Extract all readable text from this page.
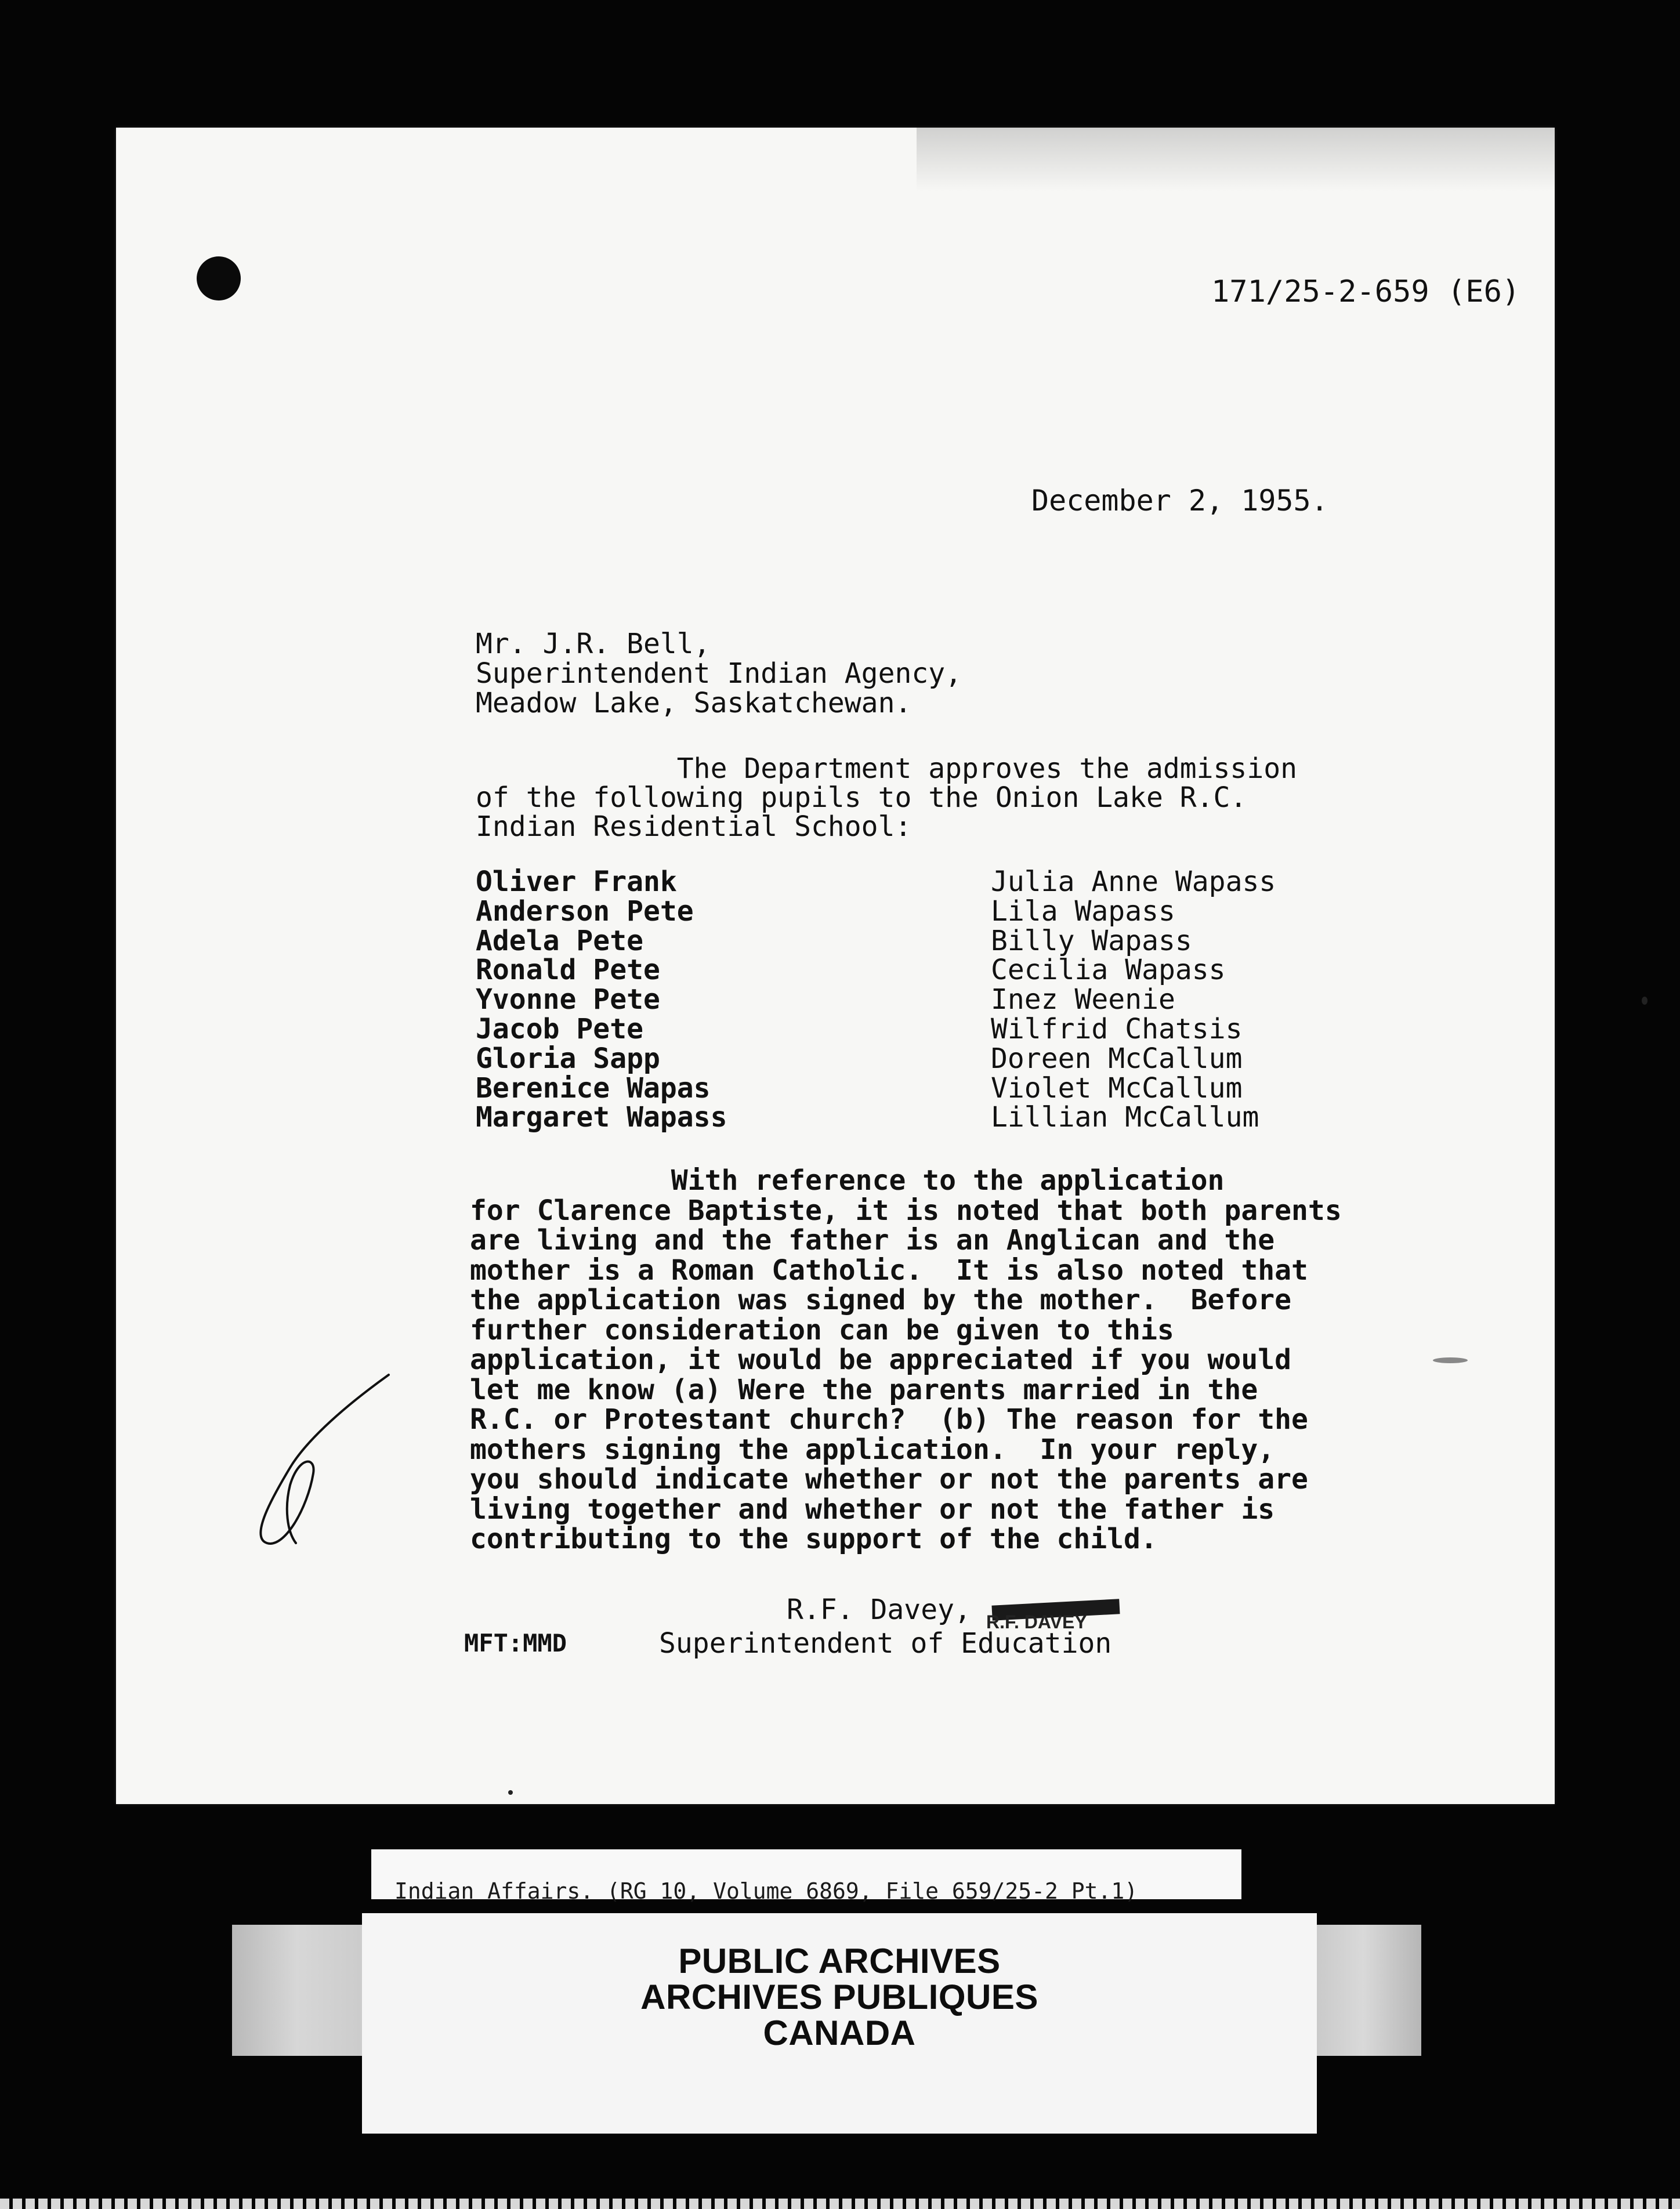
171/25-2-659 (E6)
December 2, 1955.
Mr. J.R. Bell,
Superintendent Indian Agency,
Meadow Lake, Saskatchewan.
The Department approves the admission
of the following pupils to the Onion Lake R.C.
Indian Residential School:
Oliver Frank
Anderson Pete
Adela Pete
Ronald Pete
Yvonne Pete
Jacob Pete
Gloria Sapp
Berenice Wapas
Margaret Wapass
Julia Anne Wapass
Lila Wapass
Billy Wapass
Cecilia Wapass
Inez Weenie
Wilfrid Chatsis
Doreen McCallum
Violet McCallum
Lillian McCallum
With reference to the application
for Clarence Baptiste, it is noted that both parents
are living and the father is an Anglican and the
mother is a Roman Catholic.  It is also noted that
the application was signed by the mother.  Before
further consideration can be given to this
application, it would be appreciated if you would
let me know (a) Were the parents married in the
R.C. or Protestant church?  (b) The reason for the
mothers signing the application.  In your reply,
you should indicate whether or not the parents are
living together and whether or not the father is
contributing to the support of the child.
R.F. Davey, R.F. DAVEY
MFT:MMD	Superintendent of Education
Indian Affairs. (RG 10, Volume 6869, File 659/25-2 Pt.1)
PUBLIC ARCHIVES
ARCHIVES PUBLIQUES
CANADA
